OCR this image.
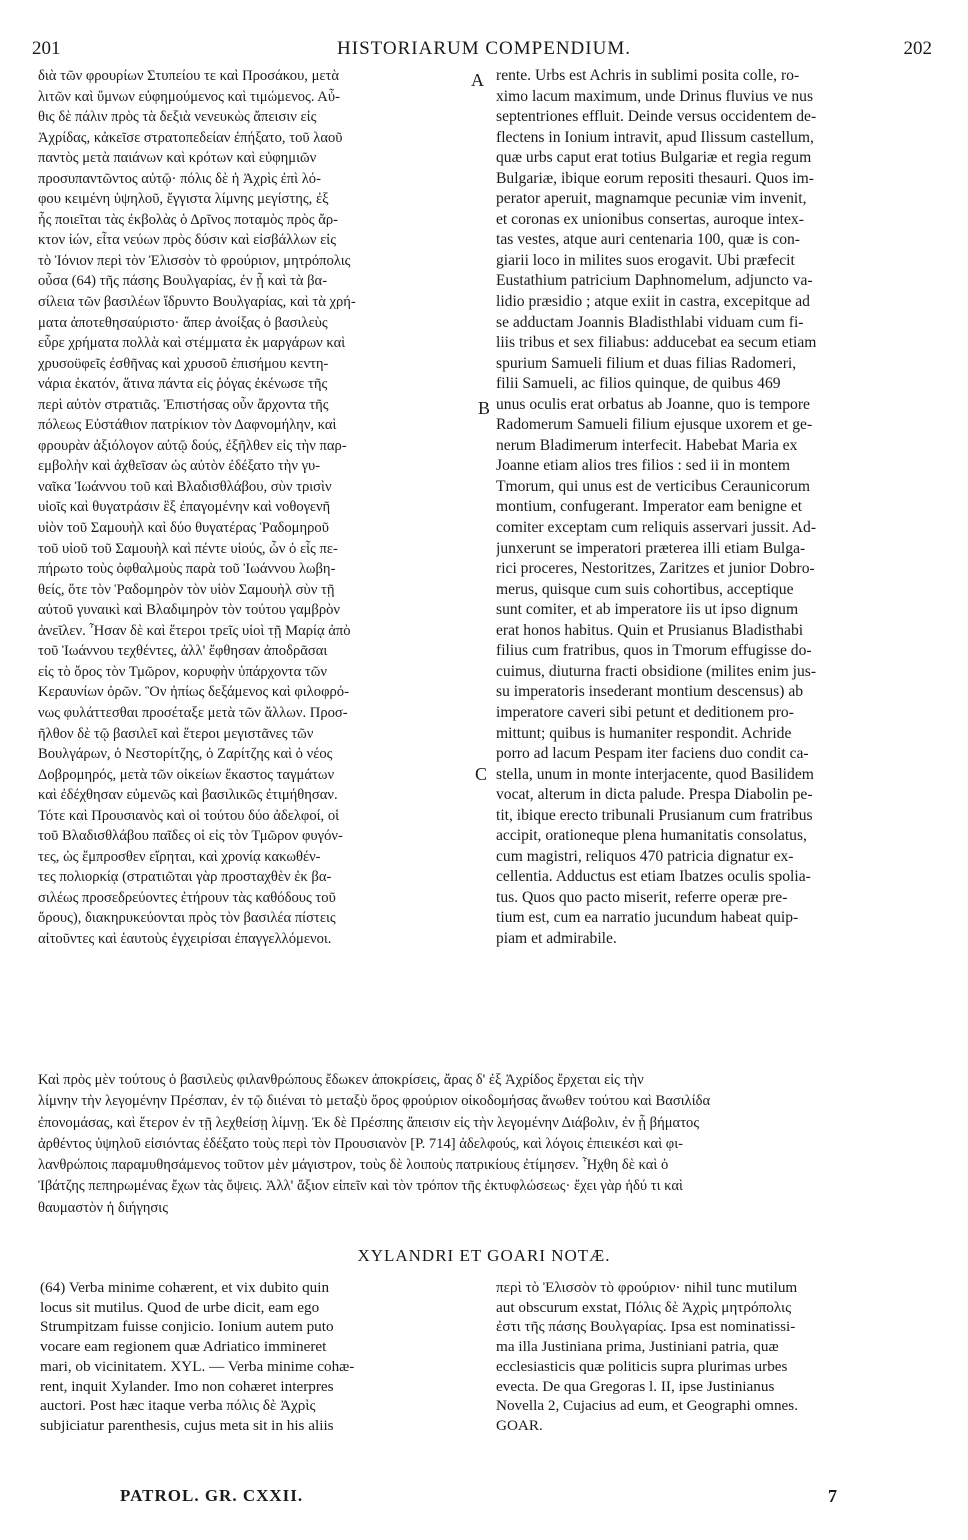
201	HISTORIARUM COMPENDIUM.	202
A
B
C
διὰ τῶν φρουρίων Στυπείου τε καὶ Προσάκου, μετὰ
λιτῶν καὶ ὕμνων εὐφημούμενος καὶ τιμώμενος. Αὖ-
θις δὲ πάλιν πρὸς τὰ δεξιὰ νενευκὼς ἄπεισιν εἰς
Ἀχρίδας, κἀκεῖσε στρατοπεδείαν ἐπήξατο, τοῦ λαοῦ
παντὸς μετὰ παιάνων καὶ κρότων καὶ εὐφημιῶν
προσυπαντῶντος αὐτῷ· πόλις δὲ ἡ Ἀχρὶς ἐπὶ λό-
φου κειμένη ὑψηλοῦ, ἔγγιστα λίμνης μεγίστης, ἐξ
ἧς ποιεῖται τὰς ἐκβολὰς ὁ Δρῖνος ποταμὸς πρὸς ἄρ-
κτον ἰών, εἶτα νεύων πρὸς δύσιν καὶ εἰσβάλλων εἰς
τὸ Ἰόνιον περὶ τὸν Ἐλισσὸν τὸ φρούριον, μητρόπολις
οὖσα (64) τῆς πάσης Βουλγαρίας, ἐν ᾗ καὶ τὰ βα-
σίλεια τῶν βασιλέων ἵδρυντο Βουλγαρίας, καὶ τὰ χρή-
ματα ἀποτεθησαύριστο· ἅπερ ἀνοίξας ὁ βασιλεὺς
εὗρε χρήματα πολλὰ καὶ στέμματα ἐκ μαργάρων καὶ
χρυσοϋφεῖς ἐσθῆνας καὶ χρυσοῦ ἐπισήμου κεντη-
νάρια ἑκατόν, ἅτινα πάντα εἰς ῥόγας ἐκένωσε τῆς
περὶ αὐτὸν στρατιᾶς. Ἐπιστήσας οὖν ἄρχοντα τῆς
πόλεως Εὐστάθιον πατρίκιον τὸν Δαφνομήλην, καὶ
φρουρὰν ἀξιόλογον αὐτῷ δούς, ἐξῆλθεν εἰς τὴν παρ-
εμβολὴν καὶ ἀχθεῖσαν ὡς αὐτὸν ἐδέξατο τὴν γυ-
ναῖκα Ἰωάννου τοῦ καὶ Βλαδισθλάβου, σὺν τρισὶν
υἱοῖς καὶ θυγατράσιν ἓξ ἐπαγομένην καὶ νοθογενῆ
υἱὸν τοῦ Σαμουὴλ καὶ δύο θυγατέρας Ῥαδομηροῦ
τοῦ υἱοῦ τοῦ Σαμουὴλ καὶ πέντε υἱούς, ὧν ὁ εἷς πε-
πήρωτο τοὺς ὀφθαλμοὺς παρὰ τοῦ Ἰωάννου λωβη-
θείς, ὅτε τὸν Ῥαδομηρὸν τὸν υἱὸν Σαμουὴλ σὺν τῇ
αὐτοῦ γυναικὶ καὶ Βλαδιμηρὸν τὸν τούτου γαμβρὸν
ἀνεῖλεν. Ἦσαν δὲ καὶ ἕτεροι τρεῖς υἱοὶ τῇ Μαρίᾳ ἀπὸ
τοῦ Ἰωάννου τεχθέντες, ἀλλ' ἔφθησαν ἀποδρᾶσαι
εἰς τὸ ὄρος τὸν Τμῶρον, κορυφὴν ὑπάρχοντα τῶν
Κεραυνίων ὀρῶν. Ὃν ἠπίως δεξάμενος καὶ φιλοφρό-
νως φυλάττεσθαι προσέταξε μετὰ τῶν ἄλλων. Προσ-
ῆλθον δὲ τῷ βασιλεῖ καὶ ἕτεροι μεγιστᾶνες τῶν
Βουλγάρων, ὁ Νεστορίτζης, ὁ Ζαρίτζης καὶ ὁ νέος
Δοβρομηρός, μετὰ τῶν οἰκείων ἕκαστος ταγμάτων
καὶ ἐδέχθησαν εὐμενῶς καὶ βασιλικῶς ἐτιμήθησαν.
Τότε καὶ Προυσιανὸς καὶ οἱ τούτου δύο ἀδελφοί, οἱ
τοῦ Βλαδισθλάβου παῖδες οἱ εἰς τὸν Τμῶρον φυγόν-
τες, ὡς ἔμπροσθεν εἴρηται, καὶ χρονίᾳ κακωθέν-
τες πολιορκίᾳ (στρατιῶται γὰρ προσταχθὲν ἐκ βα-
σιλέως προσεδρεύοντες ἐτήρουν τὰς καθόδους τοῦ
ὄρους), διακηρυκεύονται πρὸς τὸν βασιλέα πίστεις
αἰτοῦντες καὶ ἑαυτοὺς ἐγχειρίσαι ἐπαγγελλόμενοι.
rente. Urbs est Achris in sublimi posita colle, ro-
ximo lacum maximum, unde Drinus fluvius ve nus
septentriones effluit. Deinde versus occidentem de-
flectens in Ionium intravit, apud Ilissum castellum,
quæ urbs caput erat totius Bulgariæ et regia regum
Bulgariæ, ibique eorum repositi thesauri. Quos im-
perator aperuit, magnamque pecuniæ vim invenit,
et coronas ex unionibus consertas, auroque intex-
tas vestes, atque auri centenaria 100, quæ is con-
giarii loco in milites suos erogavit. Ubi præfecit
Eustathium patricium Daphnomelum, adjuncto va-
lidio præsidio ; atque exiit in castra, excepitque ad
se adductam Joannis Bladisthlabi viduam cum fi-
liis tribus et sex filiabus: adducebat ea secum etiam
spurium Samueli filium et duas filias Radomeri,
filii Samueli, ac filios quinque, de quibus 469
unus oculis erat orbatus ab Joanne, quo is tempore
Radomerum Samueli filium ejusque uxorem et ge-
nerum Bladimerum interfecit. Habebat Maria ex
Joanne etiam alios tres filios : sed ii in montem
Tmorum, qui unus est de verticibus Ceraunicorum
montium, confugerant. Imperator eam benigne et
comiter exceptam cum reliquis asservari jussit. Ad-
junxerunt se imperatori præterea illi etiam Bulga-
rici proceres, Nestoritzes, Zaritzes et junior Dobro-
merus, quisque cum suis cohortibus, acceptique
sunt comiter, et ab imperatore iis ut ipso dignum
erat honos habitus. Quin et Prusianus Bladisthabi
filius cum fratribus, quos in Tmorum effugisse do-
cuimus, diuturna fracti obsidione (milites enim jus-
su imperatoris insederant montium descensus) ab
imperatore caveri sibi petunt et deditionem pro-
mittunt; quibus is humaniter respondit. Achride
porro ad lacum Pespam iter faciens duo condit ca-
stella, unum in monte interjacente, quod Basilidem
vocat, alterum in dicta palude. Prespa Diabolin pe-
tit, ibique erecto tribunali Prusianum cum fratribus
accipit, orationeque plena humanitatis consolatus,
cum magistri, reliquos 470 patricia dignatur ex-
cellentia. Adductus est etiam Ibatzes oculis spolia-
tus. Quos quo pacto miserit, referre operæ pre-
tium est, cum ea narratio jucundum habeat quip-
piam et admirabile.
Καὶ πρὸς μὲν τούτους ὁ βασιλεὺς φιλανθρώπους ἔδωκεν ἀποκρίσεις, ἄρας δ' ἐξ Ἀχρίδος ἔρχεται εἰς τὴν
λίμνην τὴν λεγομένην Πρέσπαν, ἐν τῷ διιέναι τὸ μεταξὺ ὄρος φρούριον οἰκοδομήσας ἄνωθεν τούτου καὶ Βασιλίδα
ἐπονομάσας, καὶ ἕτερον ἐν τῇ λεχθείσῃ λίμνῃ. Ἐκ δὲ Πρέσπης ἄπεισιν εἰς τὴν λεγομένην Διάβολιν, ἐν ᾗ βήματος
ἀρθέντος ὑψηλοῦ εἰσιόντας ἐδέξατο τοὺς περὶ τὸν Προυσιανὸν [P. 714] ἀδελφούς, καὶ λόγοις ἐπιεικέσι καὶ φι-
λανθρώποις παραμυθησάμενος τοῦτον μὲν μάγιστρον, τοὺς δὲ λοιποὺς πατρικίους ἐτίμησεν. Ἦχθη δὲ καὶ ὁ
Ἰβάτζης πεπηρωμένας ἔχων τὰς ὄψεις. Ἀλλ' ἄξιον εἰπεῖν καὶ τὸν τρόπον τῆς ἐκτυφλώσεως· ἔχει γὰρ ἡδύ τι καὶ
θαυμαστὸν ἡ διήγησις
XYLANDRI ET GOARI NOTÆ.
(64) Verba minime cohærent, et vix dubito quin
locus sit mutilus. Quod de urbe dicit, eam ego
Strumpitzam fuisse conjicio. Ionium autem puto
vocare eam regionem quæ Adriatico immineret
mari, ob vicinitatem. XYL. — Verba minime cohæ-
rent, inquit Xylander. Imo non cohæret interpres
auctori. Post hæc itaque verba πόλις δὲ Ἀχρὶς
subjiciatur parenthesis, cujus meta sit in his aliis
περὶ τὸ Ἐλισσὸν τὸ φρούριον· nihil tunc mutilum
aut obscurum exstat, Πόλις δὲ Ἀχρὶς μητρόπολις
ἐστι τῆς πάσης Βουλγαρίας. Ipsa est nominatissi-
ma illa Justiniana prima, Justiniani patria, quæ
ecclesiasticis quæ politicis supra plurimas urbes
evecta. De qua Gregoras l. II, ipse Justinianus
Novella 2, Cujacius ad eum, et Geographi omnes.
GOAR.
PATROL. GR. CXXII.	7
